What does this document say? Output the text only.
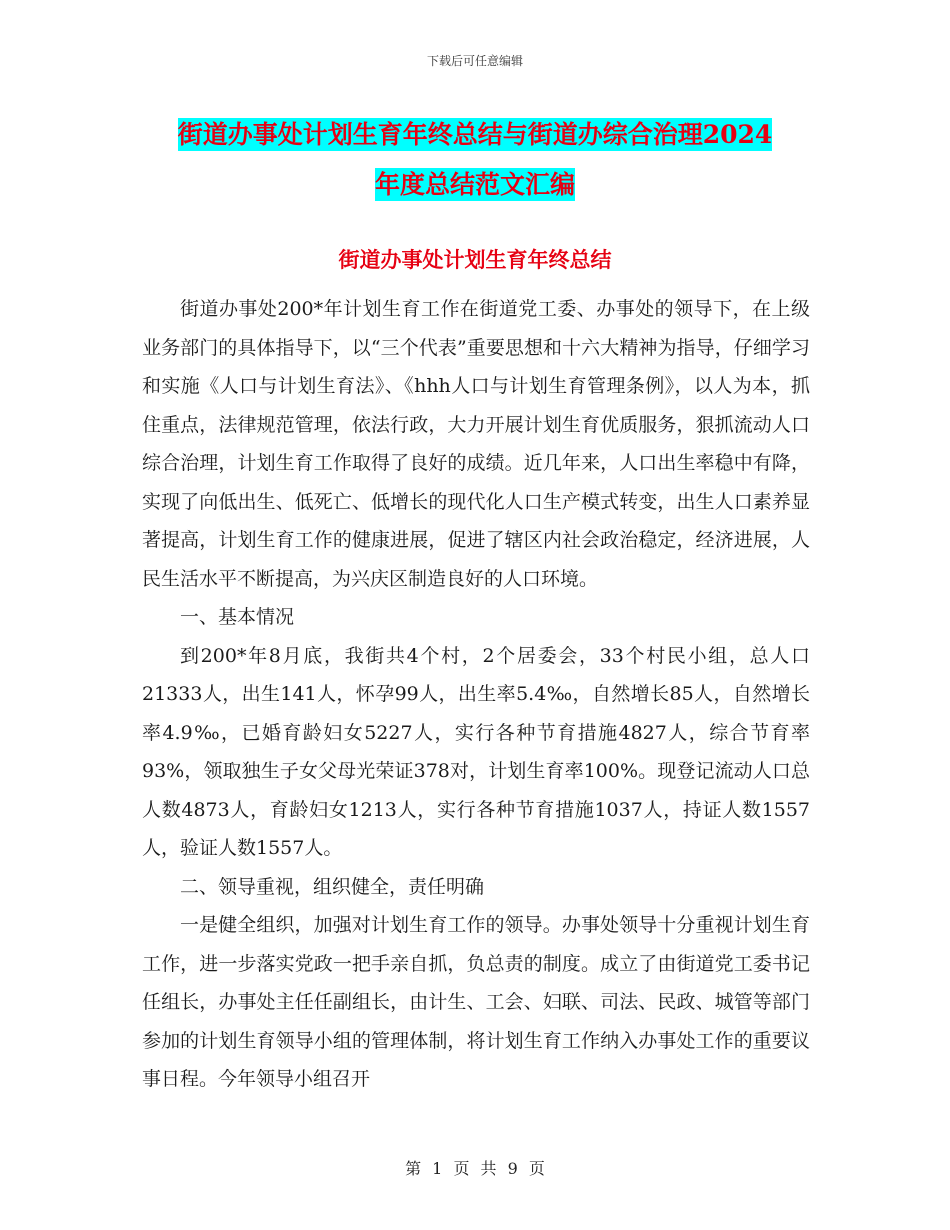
下载后可任意编辑
街道办事处计划生育年终总结与街道办综合治理2024
年度总结范文汇编
街道办事处计划生育年终总结

街道办事处200*年计划生育工作在街道党工委、办事处的领导下，在上级业务部门的具体指导下，以“三个代表”重要思想和十六大精神为指导，仔细学习和实施《人口与计划生育法》、《hhh人口与计划生育管理条例》，以人为本，抓住重点，法律规范管理，依法行政，大力开展计划生育优质服务，狠抓流动人口综合治理，计划生育工作取得了良好的成绩。近几年来，人口出生率稳中有降，实现了向低出生、低死亡、低增长的现代化人口生产模式转变，出生人口素养显著提高，计划生育工作的健康进展，促进了辖区内社会政治稳定，经济进展，人民生活水平不断提高，为兴庆区制造良好的人口环境。

一、基本情况

到200*年8月底，我街共4个村，2个居委会，33个村民小组，总人口21333人，出生141人，怀孕99人，出生率5.4‰，自然增长85人，自然增长率4.9‰，已婚育龄妇女5227人，实行各种节育措施4827人，综合节育率93%，领取独生子女父母光荣证378对，计划生育率100%。现登记流动人口总人数4873人，育龄妇女1213人，实行各种节育措施1037人，持证人数1557人，验证人数1557人。

二、领导重视，组织健全，责任明确

一是健全组织，加强对计划生育工作的领导。办事处领导十分重视计划生育工作，进一步落实党政一把手亲自抓，负总责的制度。成立了由街道党工委书记任组长，办事处主任任副组长，由计生、工会、妇联、司法、民政、城管等部门参加的计划生育领导小组的管理体制，将计划生育工作纳入办事处工作的重要议事日程。今年领导小组召开

第 1 页 共 9 页
